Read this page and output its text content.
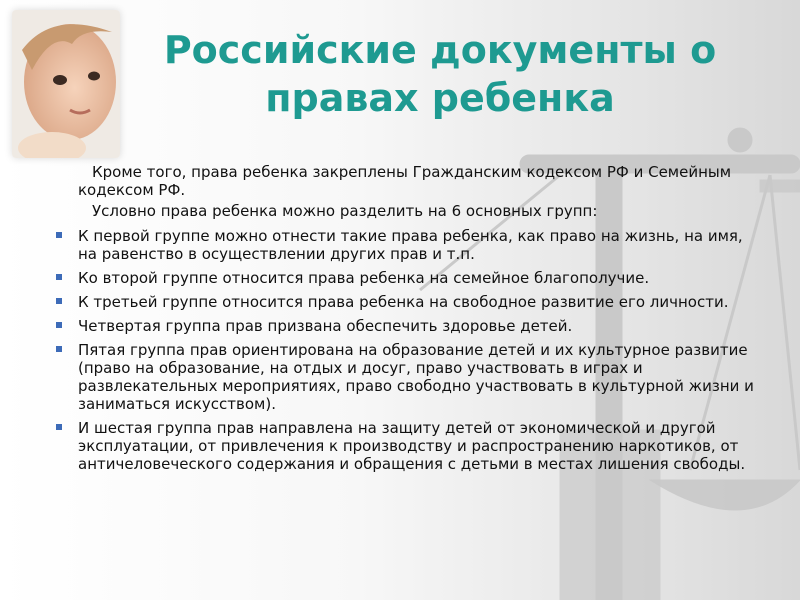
Российские документы о
правах ребенка

Кроме того, права ребенка закреплены Гражданским кодексом РФ и Семейным кодексом РФ.

Условно права ребенка можно разделить на 6 основных групп:

К первой группе можно отнести такие права ребенка, как право на жизнь, на имя, на равенство в осуществлении других прав и т.п.
Ко второй группе относится права ребенка на семейное благополучие.
К третьей группе относится права ребенка на свободное развитие его личности.
Четвертая группа прав призвана обеспечить здоровье детей.
Пятая группа прав ориентирована на образование детей и их культурное развитие (право на образование, на отдых и досуг, право участвовать в играх и развлекательных мероприятиях, право свободно участвовать в культурной жизни и заниматься искусством).
И шестая группа прав направлена на защиту детей от экономической и другой эксплуатации, от привлечения к производству и распространению наркотиков, от античеловеческого содержания и обращения с детьми в местах лишения свободы.
